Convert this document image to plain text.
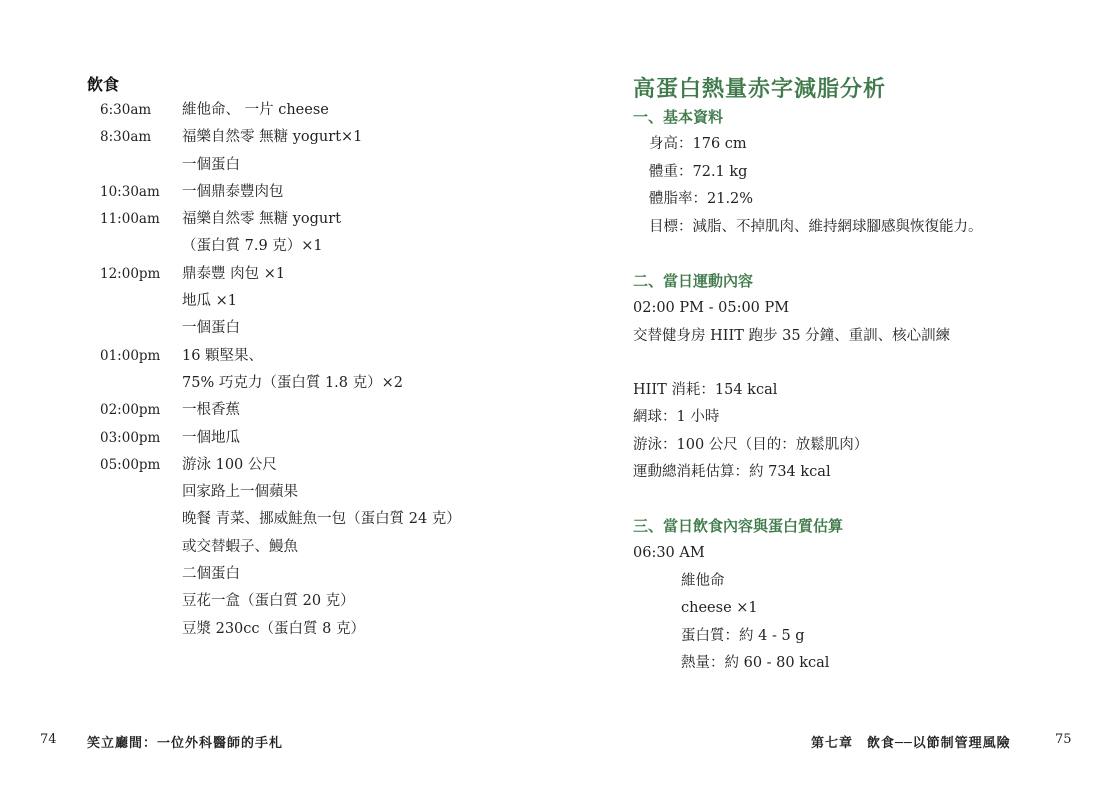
飲食
6:30am 維他命、 一片 cheese
8:30am 福樂自然零 無糖 yogurt×1
一個蛋白
10:30am 一個鼎泰豐肉包
11:00am 福樂自然零 無糖 yogurt
（蛋白質 7.9 克）×1
12:00pm 鼎泰豐 肉包 ×1
地瓜 ×1
一個蛋白
01:00pm 16 顆堅果、
75% 巧克力（蛋白質 1.8 克）×2
02:00pm 一根香蕉
03:00pm 一個地瓜
05:00pm 游泳 100 公尺
回家路上一個蘋果
晚餐 青菜、挪威鮭魚一包（蛋白質 24 克）
或交替蝦子、鰻魚
二個蛋白
豆花一盒（蛋白質 20 克）
豆漿 230cc（蛋白質 8 克）
74 笑立廳間：一位外科醫師的手札
高蛋白熱量赤字減脂分析
一、基本資料
身高：176 cm
體重：72.1 kg
體脂率：21.2%
目標：減脂、不掉肌肉、維持網球腳感與恢復能力。
二、當日運動內容
02:00 PM - 05:00 PM
交替健身房 HIIT 跑步 35 分鐘、重訓、核心訓練
HIIT 消耗：154 kcal
網球：1 小時
游泳：100 公尺（目的：放鬆肌肉）
運動總消耗估算：約 734 kcal
三、當日飲食內容與蛋白質估算
06:30 AM
維他命
cheese ×1
蛋白質：約 4 - 5 g
熱量：約 60 - 80 kcal
第七章　飲食──以節制管理風險	75
